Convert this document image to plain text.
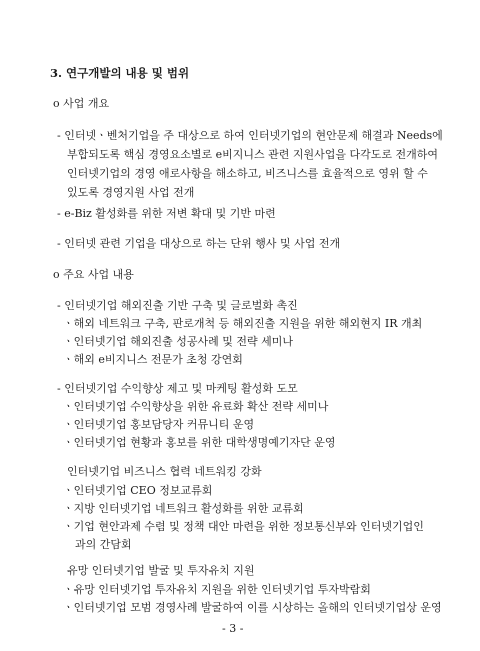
3. 연구개발의 내용 및 범위
o 사업 개요
- 인터넷ㆍ벤처기업을 주 대상으로 하여 인터넷기업의 현안문제 해결과 Needs에
부합되도록 핵심 경영요소별로 e비지니스 관련 지원사업을 다각도로 전개하여
인터넷기업의 경영 애로사항을 해소하고, 비즈니스를 효율적으로 영위 할 수
있도록 경영지원 사업 전개
- e-Biz 활성화를 위한 저변 확대 및 기반 마련
- 인터넷 관련 기업을 대상으로 하는 단위 행사 및 사업 전개
o 주요 사업 내용
- 인터넷기업 해외진출 기반 구축 및 글로벌화 촉진
ㆍ해외 네트워크 구축, 판로개척 등 해외진출 지원을 위한 해외현지 IR 개최
ㆍ인터넷기업 해외진출 성공사례 및 전략 세미나
ㆍ해외 e비지니스 전문가 초청 강연회
- 인터넷기업 수익향상 제고 및 마케팅 활성화 도모
ㆍ인터넷기업 수익향상을 위한 유료화 확산 전략 세미나
ㆍ인터넷기업 홍보담당자 커뮤니티 운영
ㆍ인터넷기업 현황과 홍보를 위한 대학생명예기자단 운영
인터넷기업 비즈니스 협력 네트워킹 강화
ㆍ인터넷기업 CEO 정보교류회
ㆍ지방 인터넷기업 네트워크 활성화를 위한 교류회
ㆍ기업 현안과제 수렴 및 정책 대안 마련을 위한 정보통신부와 인터넷기업인
과의 간담회
유망 인터넷기업 발굴 및 투자유치 지원
ㆍ유망 인터넷기업 투자유치 지원을 위한 인터넷기업 투자박람회
ㆍ인터넷기업 모범 경영사례 발굴하여 이를 시상하는 올해의 인터넷기업상 운영
- 3 -
